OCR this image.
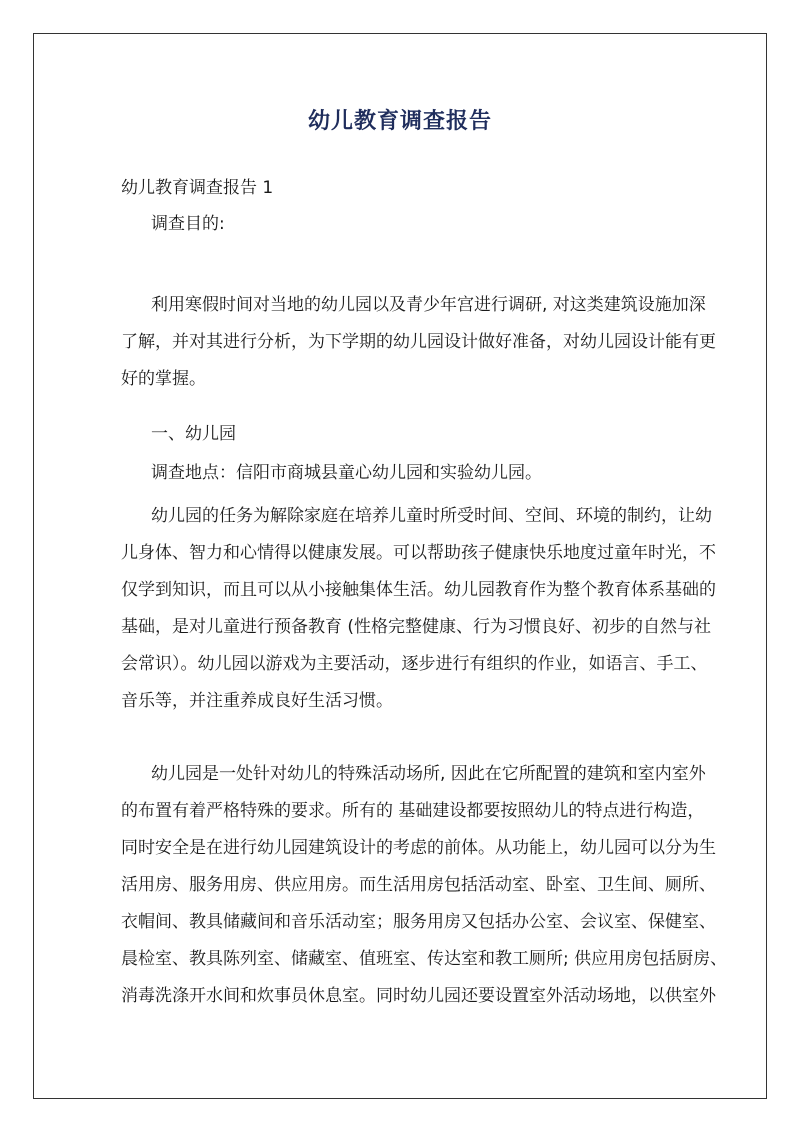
幼儿教育调查报告
幼儿教育调查报告 1

调查目的:

利用寒假时间对当地的幼儿园以及青少年宫进行调研, 对这类建筑设施加深
了解，并对其进行分析，为下学期的幼儿园设计做好准备，对幼儿园设计能有更
好的掌握。

一、幼儿园

调查地点：信阳市商城县童心幼儿园和实验幼儿园。

幼儿园的任务为解除家庭在培养儿童时所受时间、空间、环境的制约，让幼
儿身体、智力和心情得以健康发展。可以帮助孩子健康快乐地度过童年时光，不
仅学到知识，而且可以从小接触集体生活。幼儿园教育作为整个教育体系基础的
基础，是对儿童进行预备教育 (性格完整健康、行为习惯良好、初步的自然与社
会常识）。幼儿园以游戏为主要活动，逐步进行有组织的作业，如语言、手工、
音乐等，并注重养成良好生活习惯。

幼儿园是一处针对幼儿的特殊活动场所, 因此在它所配置的建筑和室内室外
的布置有着严格特殊的要求。所有的 基础建设都要按照幼儿的特点进行构造，
同时安全是在进行幼儿园建筑设计的考虑的前体。从功能上，幼儿园可以分为生
活用房、服务用房、供应用房。而生活用房包括活动室、卧室、卫生间、厕所、
衣帽间、教具储藏间和音乐活动室；服务用房又包括办公室、会议室、保健室、
晨检室、教具陈列室、储藏室、值班室、传达室和教工厕所; 供应用房包括厨房、
消毒洗涤开水间和炊事员休息室。同时幼儿园还要设置室外活动场地，以供室外
